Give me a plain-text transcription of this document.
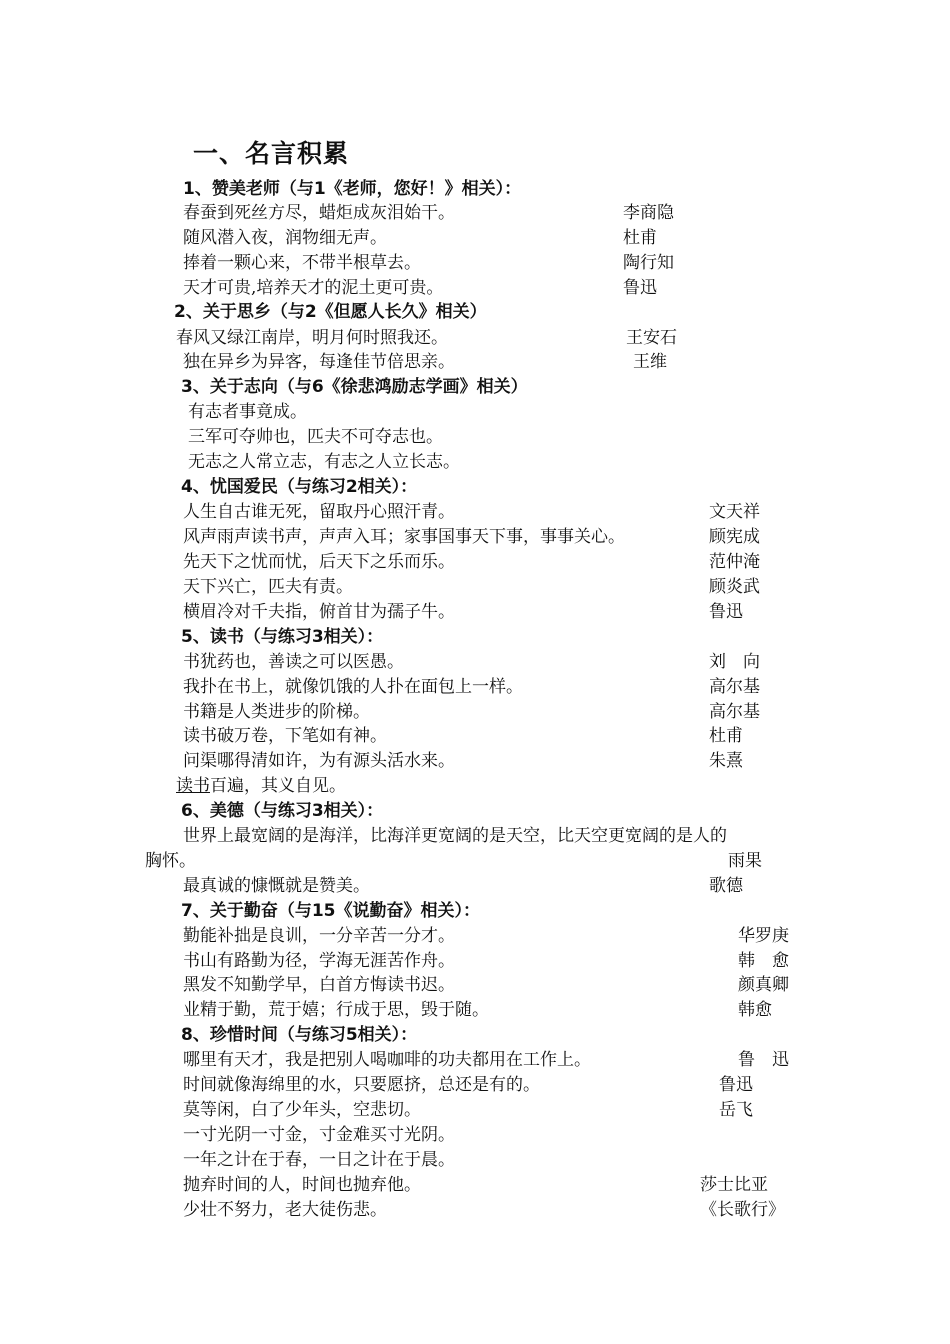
一、名言积累
1、赞美老师（与1《老师，您好！》相关）：
春蚕到死丝方尽，蜡炬成灰泪始干。	李商隐
随风潜入夜，润物细无声。	杜甫
捧着一颗心来，不带半根草去。	陶行知
天才可贵,培养天才的泥土更可贵。	鲁迅
2、关于思乡（与2《但愿人长久》相关）
春风又绿江南岸，明月何时照我还。	王安石
独在异乡为异客，每逢佳节倍思亲。	王维
3、关于志向（与6《徐悲鸿励志学画》相关）
有志者事竟成。
三军可夺帅也，匹夫不可夺志也。
无志之人常立志，有志之人立长志。
4、忧国爱民（与练习2相关）：
人生自古谁无死，留取丹心照汗青。	文天祥
风声雨声读书声，声声入耳；家事国事天下事，事事关心。	顾宪成
先天下之忧而忧，后天下之乐而乐。	范仲淹
天下兴亡，匹夫有责。	顾炎武
横眉冷对千夫指，俯首甘为孺子牛。	鲁迅
5、读书（与练习3相关）：
书犹药也，善读之可以医愚。	刘　向
我扑在书上，就像饥饿的人扑在面包上一样。	高尔基
书籍是人类进步的阶梯。	高尔基
读书破万卷，下笔如有神。	杜甫
问渠哪得清如许，为有源头活水来。	朱熹
读书百遍，其义自见。
6、美德（与练习3相关）：
世界上最宽阔的是海洋，比海洋更宽阔的是天空，比天空更宽阔的是人的
胸怀。	雨果
最真诚的慷慨就是赞美。	歌德
7、关于勤奋（与15《说勤奋》相关）：
勤能补拙是良训，一分辛苦一分才。	华罗庚
书山有路勤为径，学海无涯苦作舟。	韩　愈
黑发不知勤学早，白首方悔读书迟。	颜真卿
业精于勤，荒于嬉；行成于思，毁于随。	韩愈
8、珍惜时间（与练习5相关）：
哪里有天才，我是把别人喝咖啡的功夫都用在工作上。	鲁　迅
时间就像海绵里的水，只要愿挤，总还是有的。	鲁迅
莫等闲，白了少年头，空悲切。	岳飞
一寸光阴一寸金，寸金难买寸光阴。
一年之计在于春，一日之计在于晨。
抛弃时间的人，时间也抛弃他。	莎士比亚
少壮不努力，老大徒伤悲。	《长歌行》
